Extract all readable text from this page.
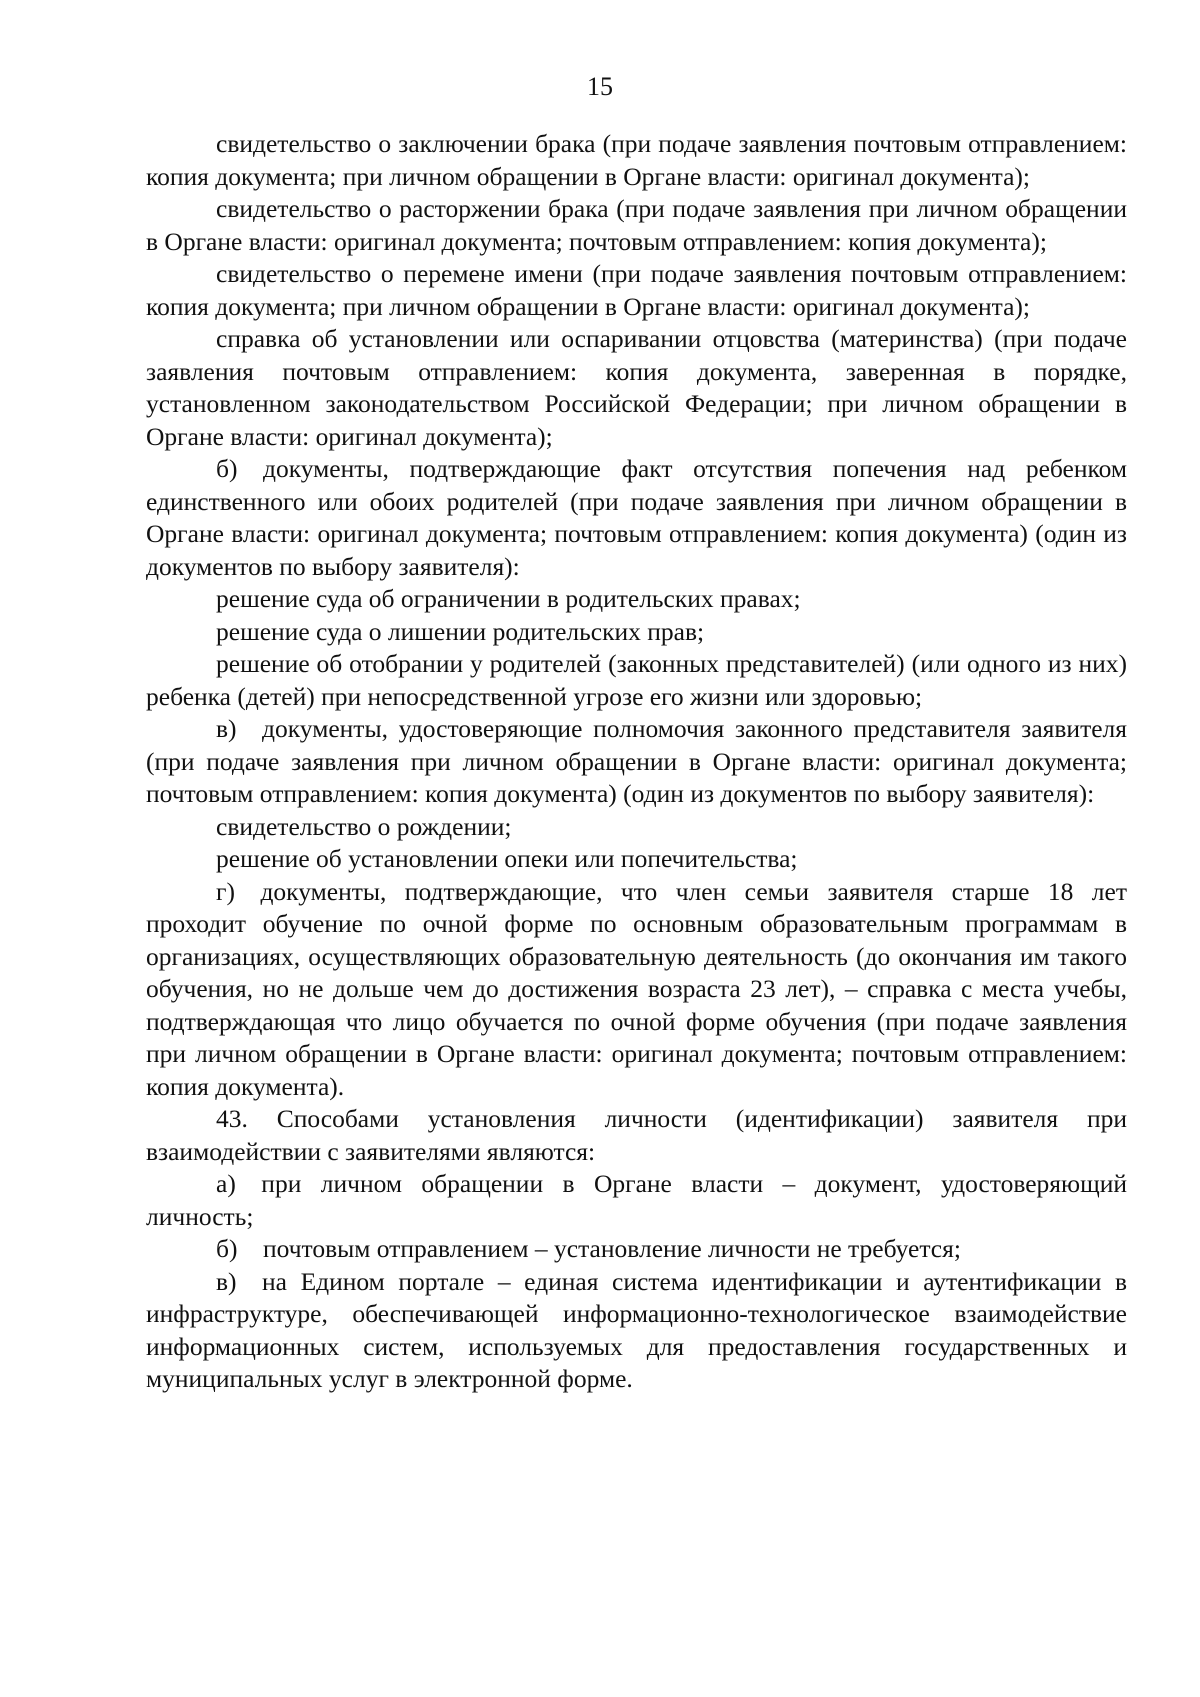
15

свидетельство о заключении брака (при подаче заявления почтовым отправлением: копия документа; при личном обращении в Органе власти: оригинал документа);

свидетельство о расторжении брака (при подаче заявления при личном обращении в Органе власти: оригинал документа; почтовым отправлением: копия документа);

свидетельство о перемене имени (при подаче заявления почтовым отправлением: копия документа; при личном обращении в Органе власти: оригинал документа);

справка об установлении или оспаривании отцовства (материнства) (при подаче заявления почтовым отправлением: копия документа, заверенная в порядке, установленном законодательством Российской Федерации; при личном обращении в Органе власти: оригинал документа);

б)  документы, подтверждающие факт отсутствия попечения над ребенком единственного или обоих родителей (при подаче заявления при личном обращении в Органе власти: оригинал документа; почтовым отправлением: копия документа) (один из документов по выбору заявителя):

решение суда об ограничении в родительских правах;

решение суда о лишении родительских прав;

решение об отобрании у родителей (законных представителей) (или одного из них) ребенка (детей) при непосредственной угрозе его жизни или здоровью;

в)  документы, удостоверяющие полномочия законного представителя заявителя (при подаче заявления при личном обращении в Органе власти: оригинал документа; почтовым отправлением: копия документа) (один из документов по выбору заявителя):

свидетельство о рождении;

решение об установлении опеки или попечительства;

г)  документы, подтверждающие, что член семьи заявителя старше 18 лет проходит обучение по очной форме по основным образовательным программам в организациях, осуществляющих образовательную деятельность (до окончания им такого обучения, но не дольше чем до достижения возраста 23 лет), – справка с места учебы, подтверждающая что лицо обучается по очной форме обучения (при подаче заявления при личном обращении в Органе власти: оригинал документа; почтовым отправлением: копия документа).

43. Способами установления личности (идентификации) заявителя при взаимодействии с заявителями являются:

а)  при личном обращении в Органе власти – документ, удостоверяющий личность;

б)  почтовым отправлением – установление личности не требуется;

в)  на Едином портале – единая система идентификации и аутентификации в инфраструктуре, обеспечивающей информационно-технологическое взаимодействие информационных систем, используемых для предоставления государственных и муниципальных услуг в электронной форме.
